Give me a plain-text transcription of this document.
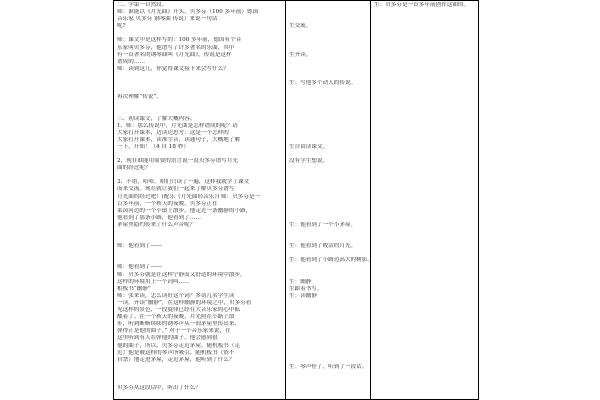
二、学第一自然段。
师：谁能以《月光曲》开头，贝多芬（100 多年前）德国
音乐家 贝多芬 钢琴曲 传说）来说一句话
呢?
师：课文中是这样写的：100 多年前，德国有个音
乐家叫贝多芬，他谱写了许多著名的乐曲，其中
有一首著名的钢琴曲叫《月光曲》，传说是这样
谱成的……
师：读到这儿，你觉得课文接下来会写什么？
再次理解“传说”。
三、初读课文，了解大概内容。
1、师：那么传说中，月光曲是怎样谱成的呢？请
大家打开课本，边读边思考：这是一个怎样的
大家打开课本，读准字音，读通句子，大概地了解
一下，开始！（4 自 18 秒）
2、现在谁能用简要的语言说一说贝多芬谱写月光
曲的经过呢？
3、不错，哈哈，咱们只读了一遍，这样我就学了课文
而来交流。现在就让我们一起来了解贝多芬谱写
月光曲的经过吧！(配乐《月光曲轻音乐》) 师：贝多芬是一
百多年前，一个秋天的夜晚，贝多芬正在
莱茵河边的一个小镇上散步，他走近一条幽静的小路，
他看到了那条小路，他看到了……
茅屋里隐约传来了什么声音呢？
师：他看到了——
师：他看到了——
师：贝多芬就是在这样宁静而又舒适的环境中散步，
这样的环境用上一个词叫……
相板书“幽静”
师：张来读，怎么读好这个词？多请几名学生读
一读。齐读“幽静”，在这样幽静的环境之中，贝多芬看
见这样的景色，一段旋律已经在大音乐家的心中酝
酿着了。在一个秋天的夜晚，月光照在小路上散
步，听到断断续续的钢琴声从一间茅屋里传出来，
弹得正是他的曲子。” 对于一个音乐家来说，在
这里听到有人在弹他的曲子，他会感到很
他的曲子，所以，贝多芬走近茅屋。随机板书（走
近）他是被这样的琴声所吸引。随机板书（情不
自禁）地走进茅屋，走近茅屋，他听到了什么？
贝多芬从这段话中，听出了什么？
生交流。
生齐读。
生：写他多个动人的传说。
生自由读课文。
没有学生想说。
生：他看到了一个小茅屋。
生：他看到了皎洁的月光。
生：他看到了小路边高大的树影。
生：幽静
生跟着书写。
生：读幽静
生：琴声停了，听到了一段话。
生：贝多芬是一首多年前创作这曲的。
